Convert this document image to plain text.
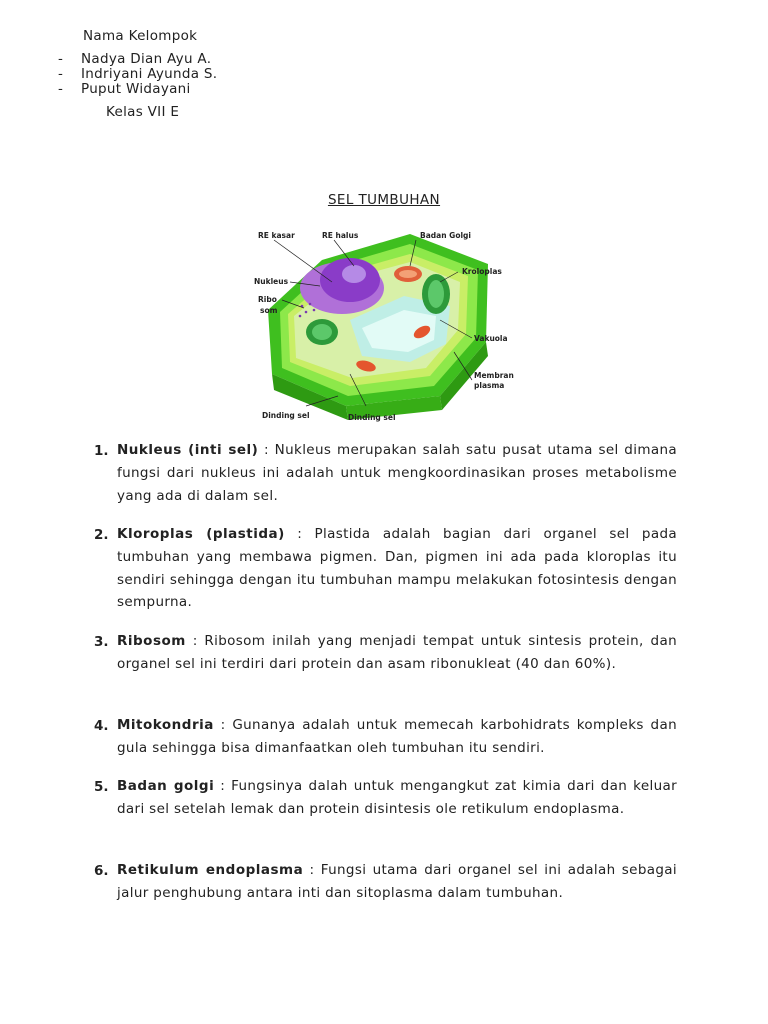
Nama Kelompok
- Nadya Dian Ayu A.
- Indriyani Ayunda S.
- Puput Widayani
Kelas VII E
SEL TUMBUHAN
RE kasar	RE halus	Badan Golgi
Kroloplas
Nukleus
Ribo
som
Vakuola
Membran
plasma
Dinding sel	Dinding sel
1. Nukleus (inti sel) : Nukleus merupakan salah satu pusat utama sel dimana fungsi dari nukleus ini adalah untuk mengkoordinasikan proses metabolisme yang ada di dalam sel.

2. Kloroplas (plastida) : Plastida adalah bagian dari organel sel pada tumbuhan yang membawa pigmen. Dan, pigmen ini ada pada kloroplas itu sendiri sehingga dengan itu tumbuhan mampu melakukan fotosintesis dengan sempurna.

3. Ribosom : Ribosom inilah yang menjadi tempat untuk sintesis protein, dan organel sel ini terdiri dari protein dan asam ribonukleat (40 dan 60%).

4. Mitokondria : Gunanya adalah untuk memecah karbohidrats kompleks dan gula sehingga bisa dimanfaatkan oleh tumbuhan itu sendiri.

5. Badan golgi : Fungsinya dalah untuk mengangkut zat kimia dari dan keluar dari sel setelah lemak dan protein disintesis ole retikulum endoplasma.

6. Retikulum endoplasma : Fungsi utama dari organel sel ini adalah sebagai jalur penghubung antara inti dan sitoplasma dalam tumbuhan.
